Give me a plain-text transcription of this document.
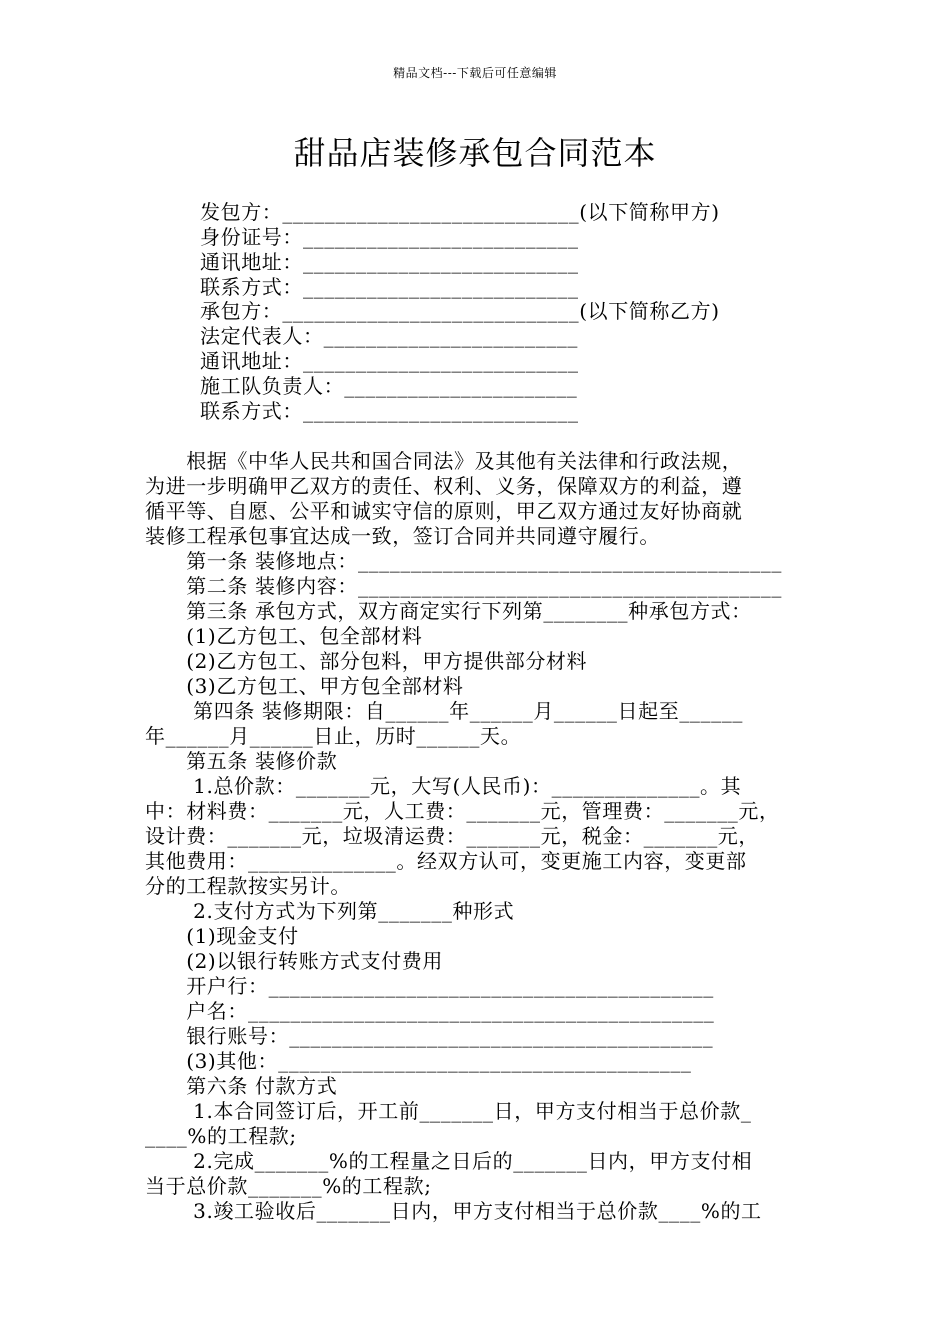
精品文档---下载后可任意编辑
甜品店装修承包合同范本
发包方：____________________________(以下简称甲方)
身份证号：__________________________
通讯地址：__________________________
联系方式：__________________________
承包方：____________________________(以下简称乙方)
法定代表人：________________________
通讯地址：__________________________
施工队负责人：______________________
联系方式：__________________________
　　根据《中华人民共和国合同法》及其他有关法律和行政法规，
为进一步明确甲乙双方的责任、权利、义务，保障双方的利益，遵
循平等、自愿、公平和诚实守信的原则，甲乙双方通过友好协商就
装修工程承包事宜达成一致，签订合同并共同遵守履行。
　　第一条 装修地点：________________________________________
　　第二条 装修内容：________________________________________
　　第三条 承包方式，双方商定实行下列第________种承包方式：
　　(1)乙方包工、包全部材料
　　(2)乙方包工、部分包料，甲方提供部分材料
　　(3)乙方包工、甲方包全部材料
　　 第四条 装修期限：自______年______月______日起至______
年______月______日止，历时______天。
　　第五条 装修价款
　　 1.总价款：_______元，大写(人民币)：______________。其
中：材料费：_______元，人工费：_______元，管理费：_______元，
设计费：_______元，垃圾清运费：_______元，税金：_______元，
其他费用：______________。经双方认可，变更施工内容，变更部
分的工程款按实另计。
　　 2.支付方式为下列第_______种形式
　　(1)现金支付
　　(2)以银行转账方式支付费用
　　开户行：__________________________________________
　　户名：____________________________________________
　　银行账号：________________________________________
　　(3)其他：_______________________________________
　　第六条 付款方式
　　 1.本合同签订后，开工前_______日，甲方支付相当于总价款_
____%的工程款;
　　 2.完成_______%的工程量之日后的_______日内，甲方支付相
当于总价款_______%的工程款;
　　 3.竣工验收后_______日内，甲方支付相当于总价款____%的工
